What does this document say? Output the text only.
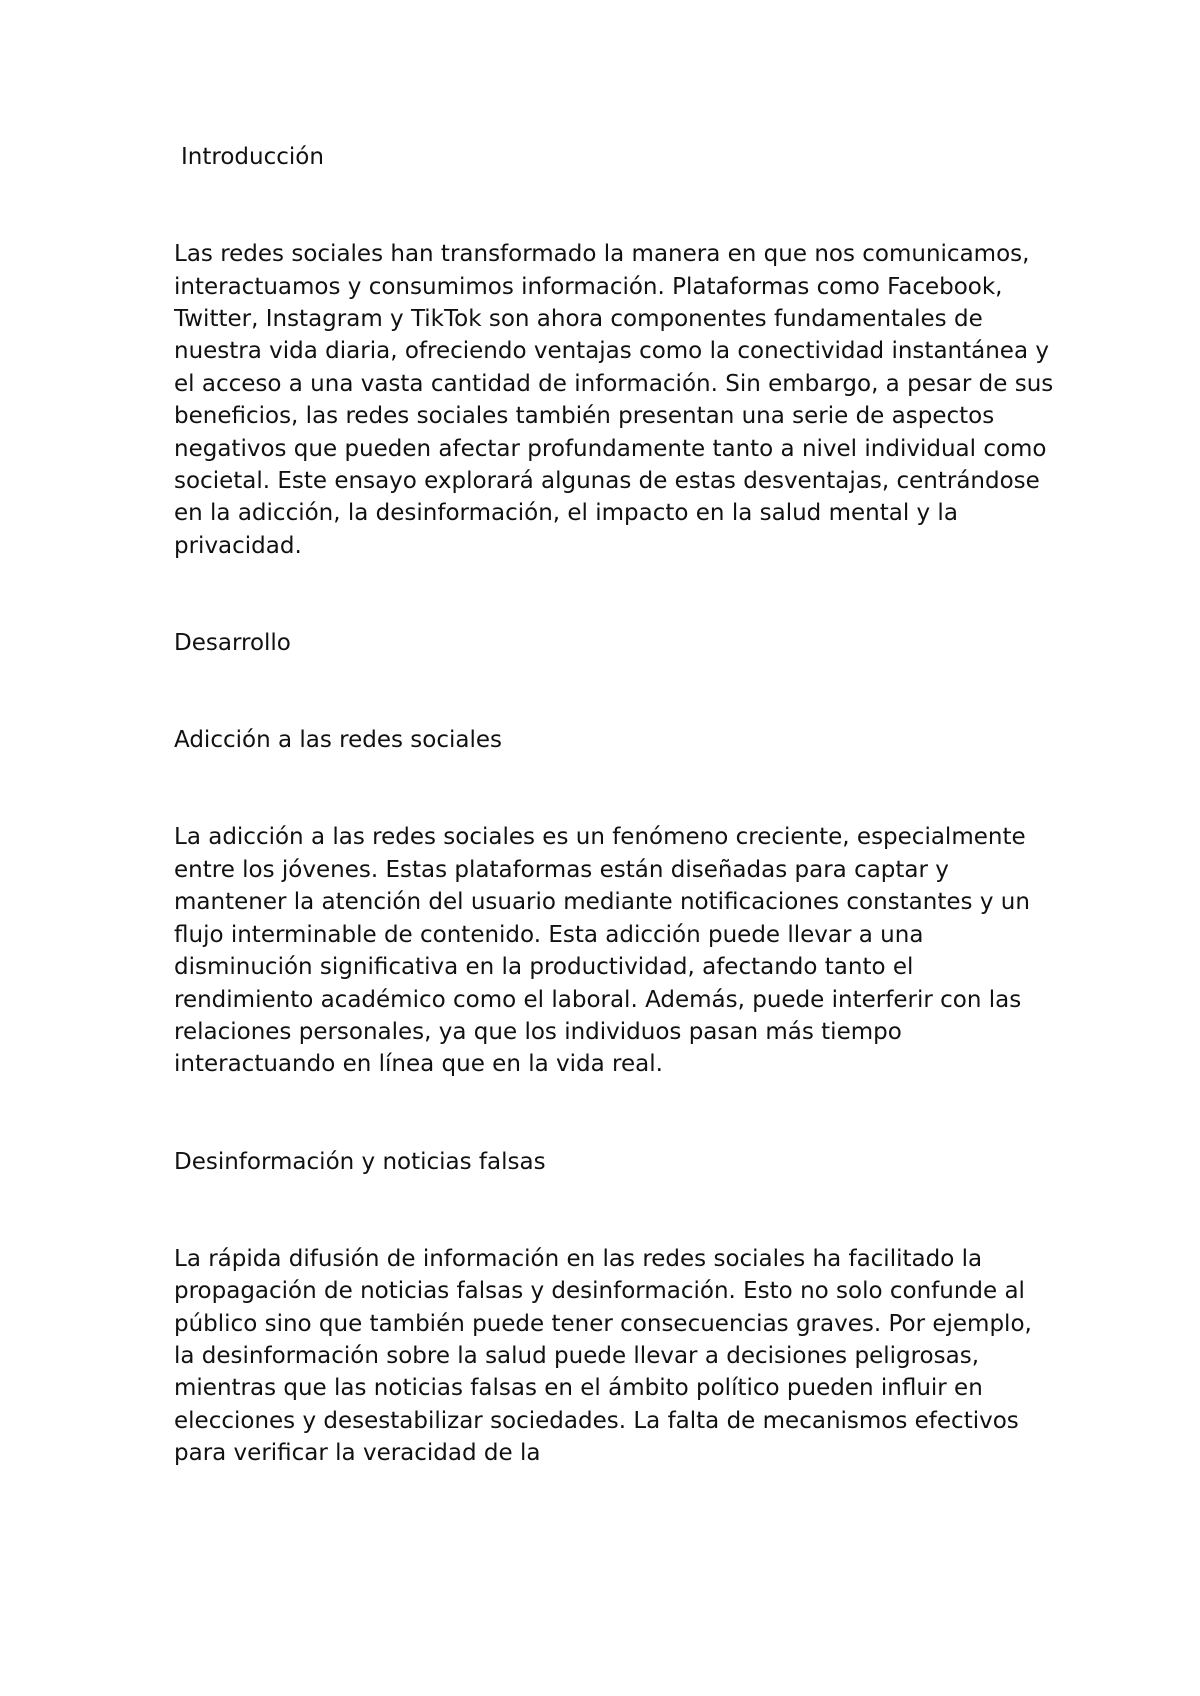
Introducción

Las redes sociales han transformado la manera en que nos comunicamos, interactuamos y consumimos información. Plataformas como Facebook, Twitter, Instagram y TikTok son ahora componentes fundamentales de nuestra vida diaria, ofreciendo ventajas como la conectividad instantánea y el acceso a una vasta cantidad de información. Sin embargo, a pesar de sus beneficios, las redes sociales también presentan una serie de aspectos negativos que pueden afectar profundamente tanto a nivel individual como societal. Este ensayo explorará algunas de estas desventajas, centrándose en la adicción, la desinformación, el impacto en la salud mental y la privacidad.

Desarrollo
Adicción a las redes sociales

La adicción a las redes sociales es un fenómeno creciente, especialmente entre los jóvenes. Estas plataformas están diseñadas para captar y mantener la atención del usuario mediante notificaciones constantes y un flujo interminable de contenido. Esta adicción puede llevar a una disminución significativa en la productividad, afectando tanto el rendimiento académico como el laboral. Además, puede interferir con las relaciones personales, ya que los individuos pasan más tiempo interactuando en línea que en la vida real.

Desinformación y noticias falsas

La rápida difusión de información en las redes sociales ha facilitado la propagación de noticias falsas y desinformación. Esto no solo confunde al público sino que también puede tener consecuencias graves. Por ejemplo, la desinformación sobre la salud puede llevar a decisiones peligrosas, mientras que las noticias falsas en el ámbito político pueden influir en elecciones y desestabilizar sociedades. La falta de mecanismos efectivos para verificar la veracidad de la
